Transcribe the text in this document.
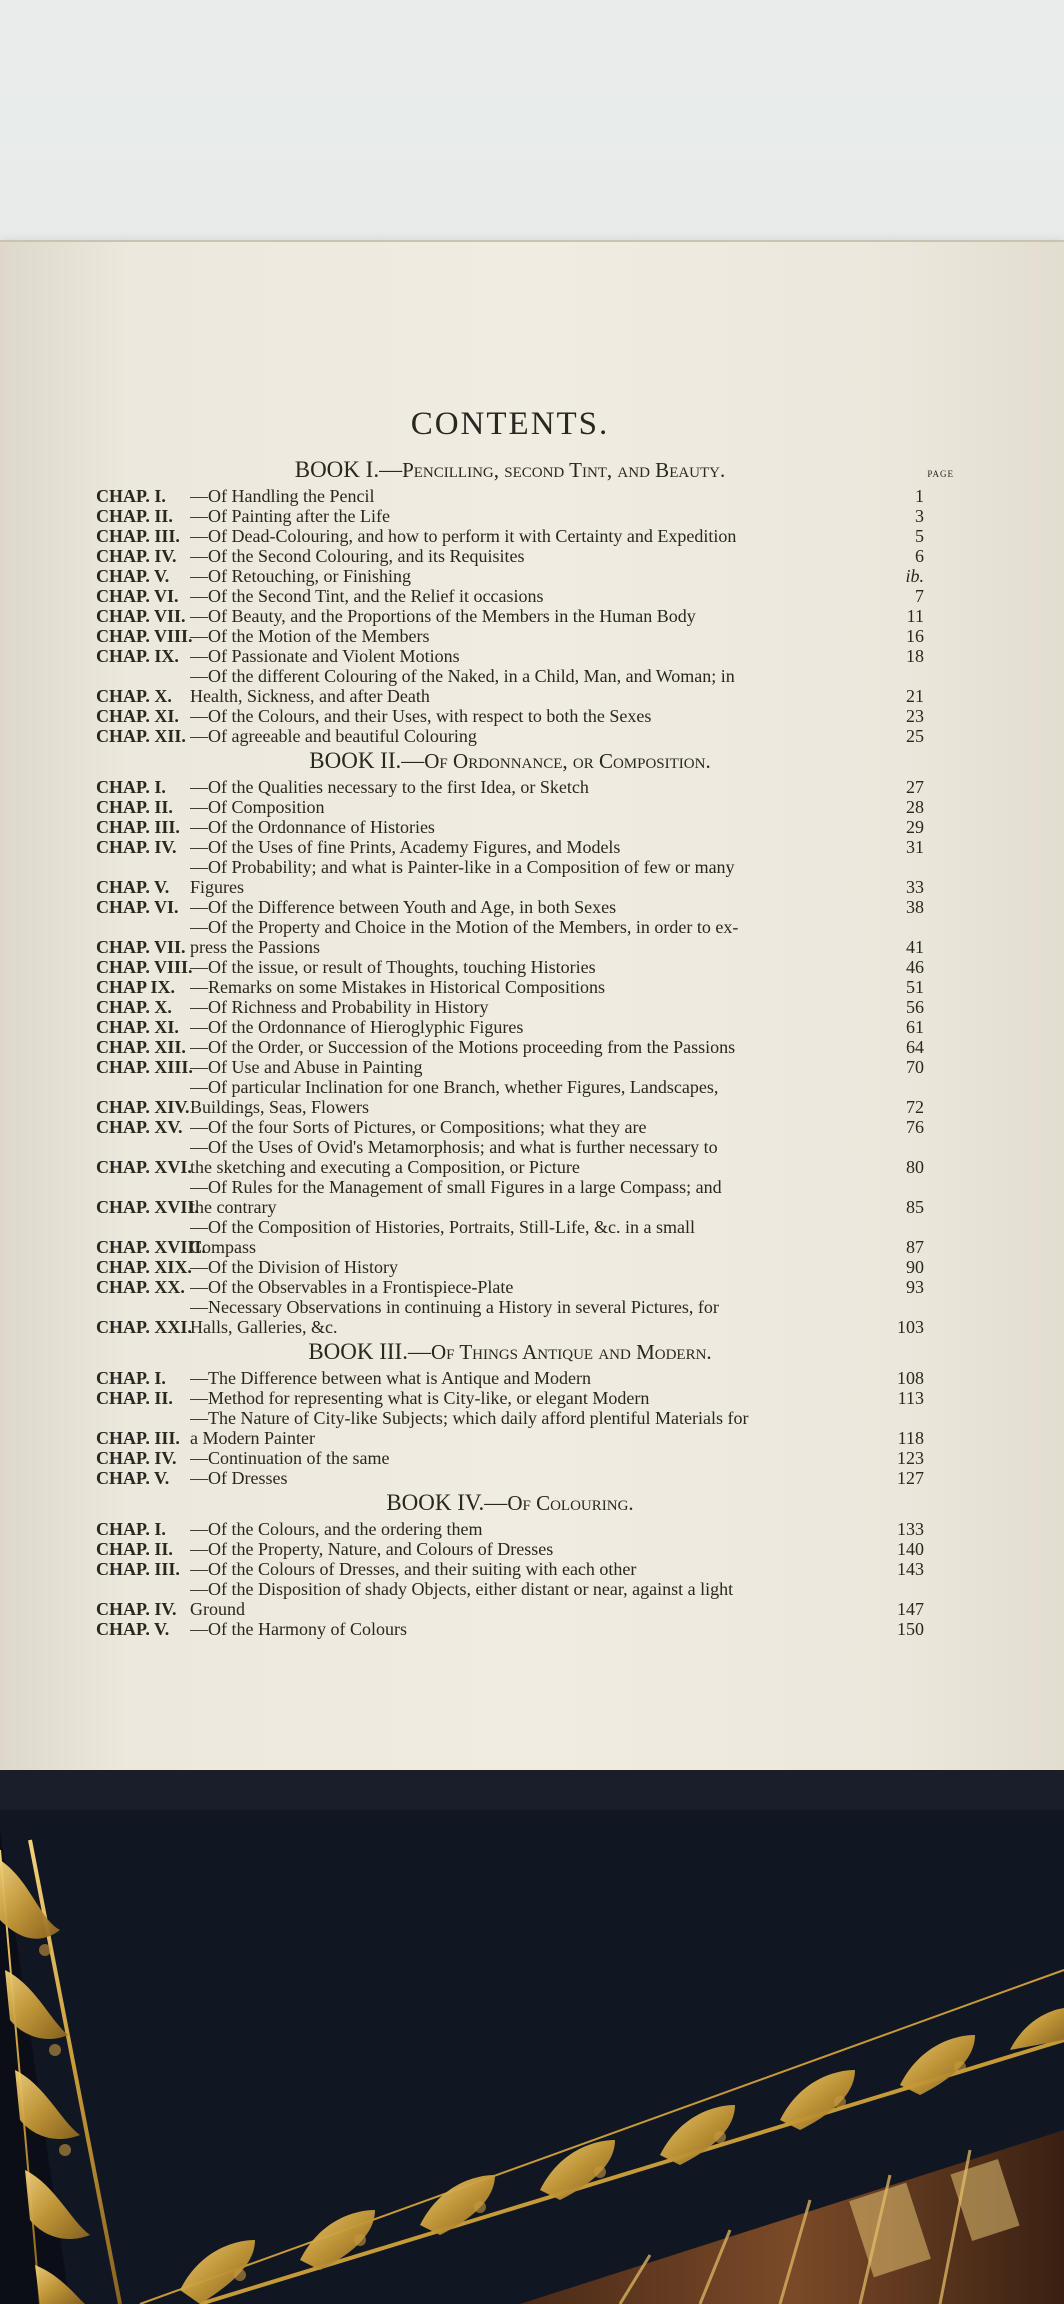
CONTENTS.
BOOK I.—Pencilling, second Tint, and Beauty.	PAGE
CHAP. I.	—Of Handling the Pencil	1
CHAP. II. —Of Painting after the Life	3
CHAP. III. —Of Dead-Colouring, and how to perform it with Certainty and Expedition	5
CHAP. IV. —Of the Second Colouring, and its Requisites	6
CHAP. V.	—Of Retouching, or Finishing	ib.
CHAP. VI. —Of the Second Tint, and the Relief it occasions	7
CHAP. VII. —Of Beauty, and the Proportions of the Members in the Human Body	11
CHAP. VIII.
—Of the Motion of the Members	16
CHAP. IX. —Of Passionate and Violent Motions	18
CHAP. X.
—Of the different Colouring of the Naked, in a Child, Man, and Woman; in
Health, Sickness, and after Death	21
CHAP. XI. —Of the Colours, and their Uses, with respect to both the Sexes	23
CHAP. XII. —Of agreeable and beautiful Colouring	25
BOOK II.—Of Ordonnance, or Composition.
CHAP. I.	—Of the Qualities necessary to the first Idea, or Sketch	27
CHAP. II. —Of Composition	28
CHAP. III. —Of the Ordonnance of Histories	29
CHAP. IV. —Of the Uses of fine Prints, Academy Figures, and Models	31
CHAP. V.
—Of Probability; and what is Painter-like in a Composition of few or many
Figures	33
CHAP. VI. —Of the Difference between Youth and Age, in both Sexes	38
CHAP. VII.
—Of the Property and Choice in the Motion of the Members, in order to ex-
press the Passions	41
CHAP. VIII.
—Of the issue, or result of Thoughts, touching Histories	46
CHAP IX. —Remarks on some Mistakes in Historical Compositions	51
CHAP. X.	—Of Richness and Probability in History	56
CHAP. XI. —Of the Ordonnance of Hieroglyphic Figures	61
CHAP. XII. —Of the Order, or Succession of the Motions proceeding from the Passions	64
CHAP. XIII.
—Of Use and Abuse in Painting	70
CHAP. XIV.
—Of particular Inclination for one Branch, whether Figures, Landscapes,
Buildings, Seas, Flowers	72
CHAP. XV. —Of the four Sorts of Pictures, or Compositions; what they are	76
CHAP. XVI.
—Of the Uses of Ovid's Metamorphosis; and what is further necessary to
the sketching and executing a Composition, or Picture	80
CHAP. XVII.
—Of Rules for the Management of small Figures in a large Compass; and
the contrary	85
CHAP. XVIII.
—Of the Composition of Histories, Portraits, Still-Life, &c. in a small
Compass	87
CHAP. XIX.
—Of the Division of History	90
CHAP. XX. —Of the Observables in a Frontispiece-Plate	93
CHAP. XXI.
—Necessary Observations in continuing a History in several Pictures, for
Halls, Galleries, &c.	103
BOOK III.—Of Things Antique and Modern.
CHAP. I.	—The Difference between what is Antique and Modern	108
CHAP. II. —Method for representing what is City-like, or elegant Modern	113
CHAP. III.
—The Nature of City-like Subjects; which daily afford plentiful Materials for
a Modern Painter	118
CHAP. IV. —Continuation of the same	123
CHAP. V.	—Of Dresses	127
BOOK IV.—Of Colouring.
CHAP. I.	—Of the Colours, and the ordering them	133
CHAP. II. —Of the Property, Nature, and Colours of Dresses	140
CHAP. III. —Of the Colours of Dresses, and their suiting with each other	143
CHAP. IV.
—Of the Disposition of shady Objects, either distant or near, against a light
Ground	147
CHAP. V.	—Of the Harmony of Colours	150
